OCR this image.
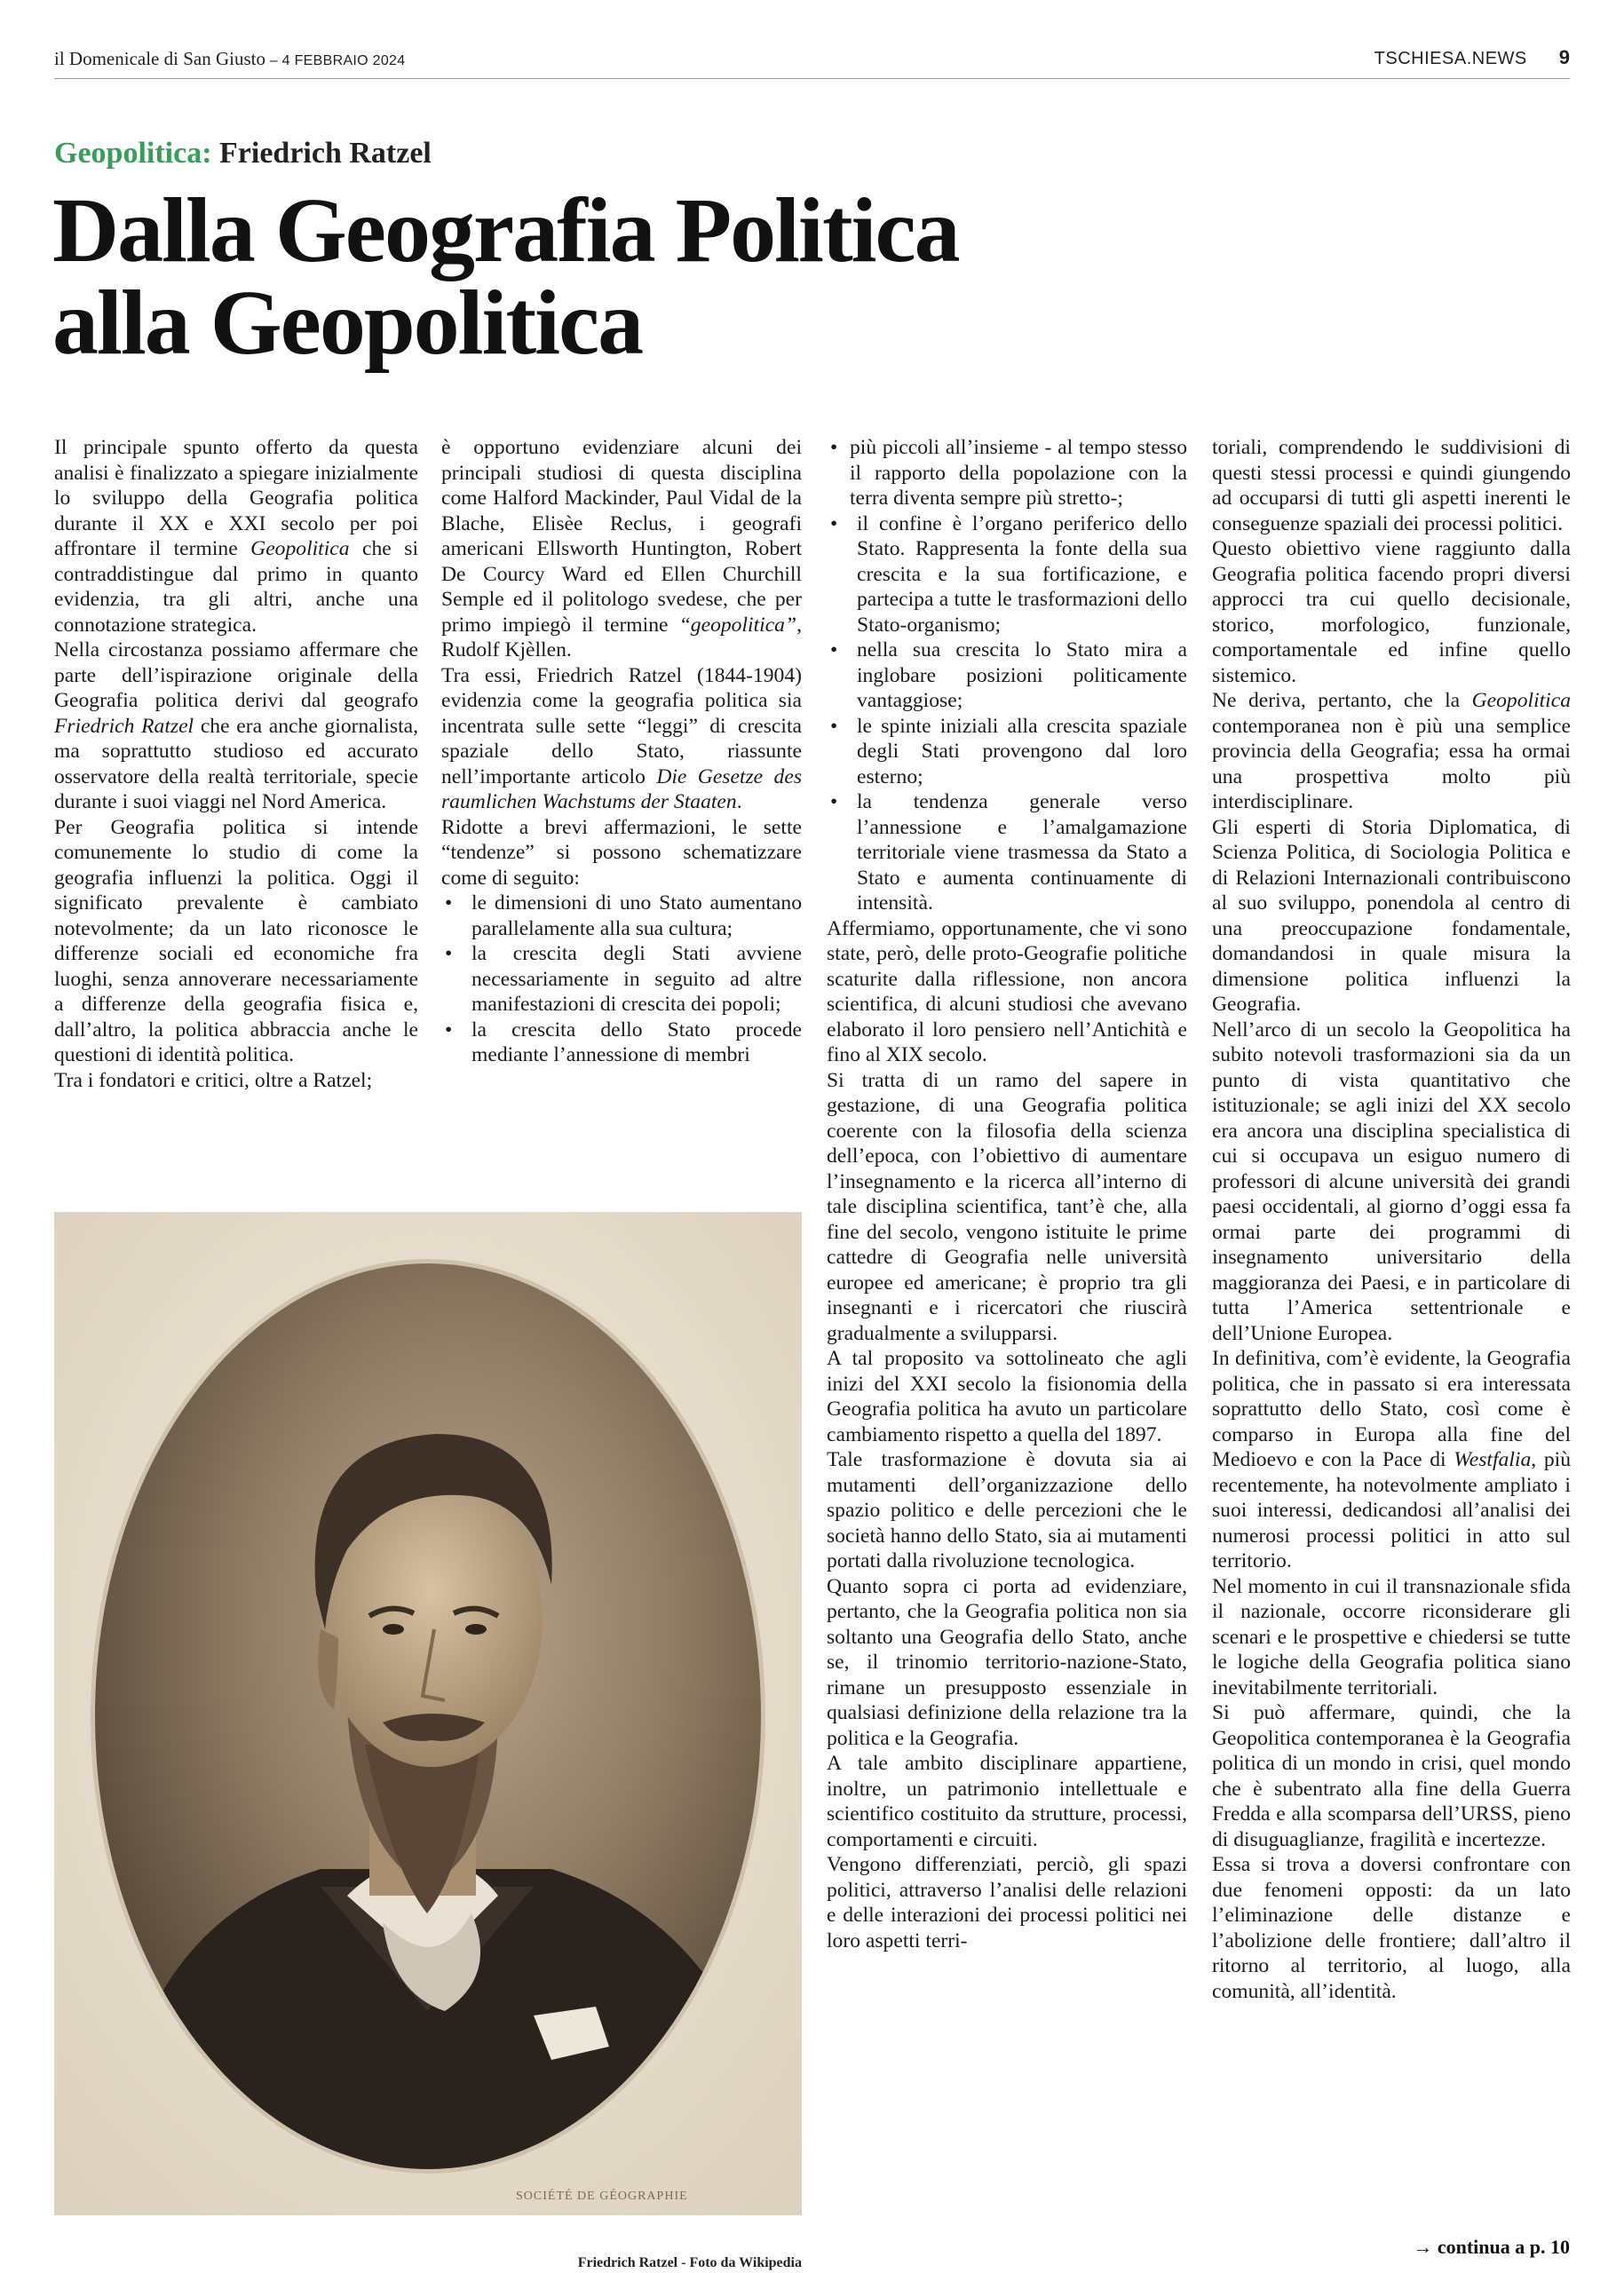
il Domenicale di San Giusto – 4 FEBBRAIO 2024	TSCHIESA.NEWS 9
Geopolitica: Friedrich Ratzel
Dalla Geografia Politica
alla Geopolitica

Il principale spunto offerto da questa analisi è finalizzato a spiegare inizialmente lo sviluppo della Geografia politica durante il XX e XXI secolo per poi affrontare il termine Geopolitica che si contraddistingue dal primo in quanto evidenzia, tra gli altri, anche una connotazione strategica.

Nella circostanza possiamo affermare che parte dell’ispirazione originale della Geografia politica derivi dal geografo Friedrich Ratzel che era anche giornalista, ma soprattutto studioso ed accurato osservatore della realtà territoriale, specie durante i suoi viaggi nel Nord America.

Per Geografia politica si intende comunemente lo studio di come la geografia influenzi la politica. Oggi il significato prevalente è cambiato notevolmente; da un lato riconosce le differenze sociali ed economiche fra luoghi, senza annoverare necessariamente a differenze della geografia fisica e, dall’altro, la politica abbraccia anche le questioni di identità politica.

Tra i fondatori e critici, oltre a Ratzel;

è opportuno evidenziare alcuni dei principali studiosi di questa disciplina come Halford Mackinder, Paul Vidal de la Blache, Elisèe Reclus, i geografi americani Ellsworth Huntington, Robert De Courcy Ward ed Ellen Churchill Semple ed il politologo svedese, che per primo impiegò il termine “geopolitica”, Rudolf Kjèllen.

Tra essi, Friedrich Ratzel (1844-1904) evidenzia come la geografia politica sia incentrata sulle sette “leggi” di crescita spaziale dello Stato, riassunte nell’importante articolo Die Gesetze des raumlichen Wachstums der Staaten.

Ridotte a brevi affermazioni, le sette “tendenze” si possono schematizzare come di seguito:

• le dimensioni di uno Stato aumentano parallelamente alla sua cultura;
• la crescita degli Stati avviene necessariamente in seguito ad altre manifestazioni di crescita dei popoli;
• la crescita dello Stato procede mediante l’annessione di membri
SOCIÉTÉ DE GÉOGRAPHIE
Friedrich Ratzel - Foto da Wikipedia
• più piccoli all’insieme - al tempo stesso il rapporto della popolazione con la terra diventa sempre più stretto-;
• il confine è l’organo periferico dello Stato. Rappresenta la fonte della sua crescita e la sua fortificazione, e partecipa a tutte le trasformazioni dello Stato-organismo;
• nella sua crescita lo Stato mira a inglobare posizioni politicamente vantaggiose;
• le spinte iniziali alla crescita spaziale degli Stati provengono dal loro esterno;
• la tendenza generale verso l’annessione e l’amalgamazione territoriale viene trasmessa da Stato a Stato e aumenta continuamente di intensità.

Affermiamo, opportunamente, che vi sono state, però, delle proto-Geografie politiche scaturite dalla riflessione, non ancora scientifica, di alcuni studiosi che avevano elaborato il loro pensiero nell’Antichità e fino al XIX secolo.

Si tratta di un ramo del sapere in gestazione, di una Geografia politica coerente con la filosofia della scienza dell’epoca, con l’obiettivo di aumentare l’insegnamento e la ricerca all’interno di tale disciplina scientifica, tant’è che, alla fine del secolo, vengono istituite le prime cattedre di Geografia nelle università europee ed americane; è proprio tra gli insegnanti e i ricercatori che riuscirà gradualmente a svilupparsi.

A tal proposito va sottolineato che agli inizi del XXI secolo la fisionomia della Geografia politica ha avuto un particolare cambiamento rispetto a quella del 1897.

Tale trasformazione è dovuta sia ai mutamenti dell’organizzazione dello spazio politico e delle percezioni che le società hanno dello Stato, sia ai mutamenti portati dalla rivoluzione tecnologica.

Quanto sopra ci porta ad evidenziare, pertanto, che la Geografia politica non sia soltanto una Geografia dello Stato, anche se, il trinomio territorio-nazione-Stato, rimane un presupposto essenziale in qualsiasi definizione della relazione tra la politica e la Geografia.

A tale ambito disciplinare appartiene, inoltre, un patrimonio intellettuale e scientifico costituito da strutture, processi, comportamenti e circuiti.

Vengono differenziati, perciò, gli spazi politici, attraverso l’analisi delle relazioni e delle interazioni dei processi politici nei loro aspetti terri-

toriali, comprendendo le suddivisioni di questi stessi processi e quindi giungendo ad occuparsi di tutti gli aspetti inerenti le conseguenze spaziali dei processi politici.

Questo obiettivo viene raggiunto dalla Geografia politica facendo propri diversi approcci tra cui quello decisionale, storico, morfologico, funzionale, comportamentale ed infine quello sistemico.

Ne deriva, pertanto, che la Geopolitica contemporanea non è più una semplice provincia della Geografia; essa ha ormai una prospettiva molto più interdisciplinare.

Gli esperti di Storia Diplomatica, di Scienza Politica, di Sociologia Politica e di Relazioni Internazionali contribuiscono al suo sviluppo, ponendola al centro di una preoccupazione fondamentale, domandandosi in quale misura la dimensione politica influenzi la Geografia.

Nell’arco di un secolo la Geopolitica ha subito notevoli trasformazioni sia da un punto di vista quantitativo che istituzionale; se agli inizi del XX secolo era ancora una disciplina specialistica di cui si occupava un esiguo numero di professori di alcune università dei grandi paesi occidentali, al giorno d’oggi essa fa ormai parte dei programmi di insegnamento universitario della maggioranza dei Paesi, e in particolare di tutta l’America settentrionale e dell’Unione Europea.

In definitiva, com’è evidente, la Geografia politica, che in passato si era interessata soprattutto dello Stato, così come è comparso in Europa alla fine del Medioevo e con la Pace di Westfalia, più recentemente, ha notevolmente ampliato i suoi interessi, dedicandosi all’analisi dei numerosi processi politici in atto sul territorio.

Nel momento in cui il transnazionale sfida il nazionale, occorre riconsiderare gli scenari e le prospettive e chiedersi se tutte le logiche della Geografia politica siano inevitabilmente territoriali.

Si può affermare, quindi, che la Geopolitica contemporanea è la Geografia politica di un mondo in crisi, quel mondo che è subentrato alla fine della Guerra Fredda e alla scomparsa dell’URSS, pieno di disuguaglianze, fragilità e incertezze.

Essa si trova a doversi confrontare con due fenomeni opposti: da un lato l’eliminazione delle distanze e l’abolizione delle frontiere; dall’altro il ritorno al territorio, al luogo, alla comunità, all’identità.

→ continua a p. 10
